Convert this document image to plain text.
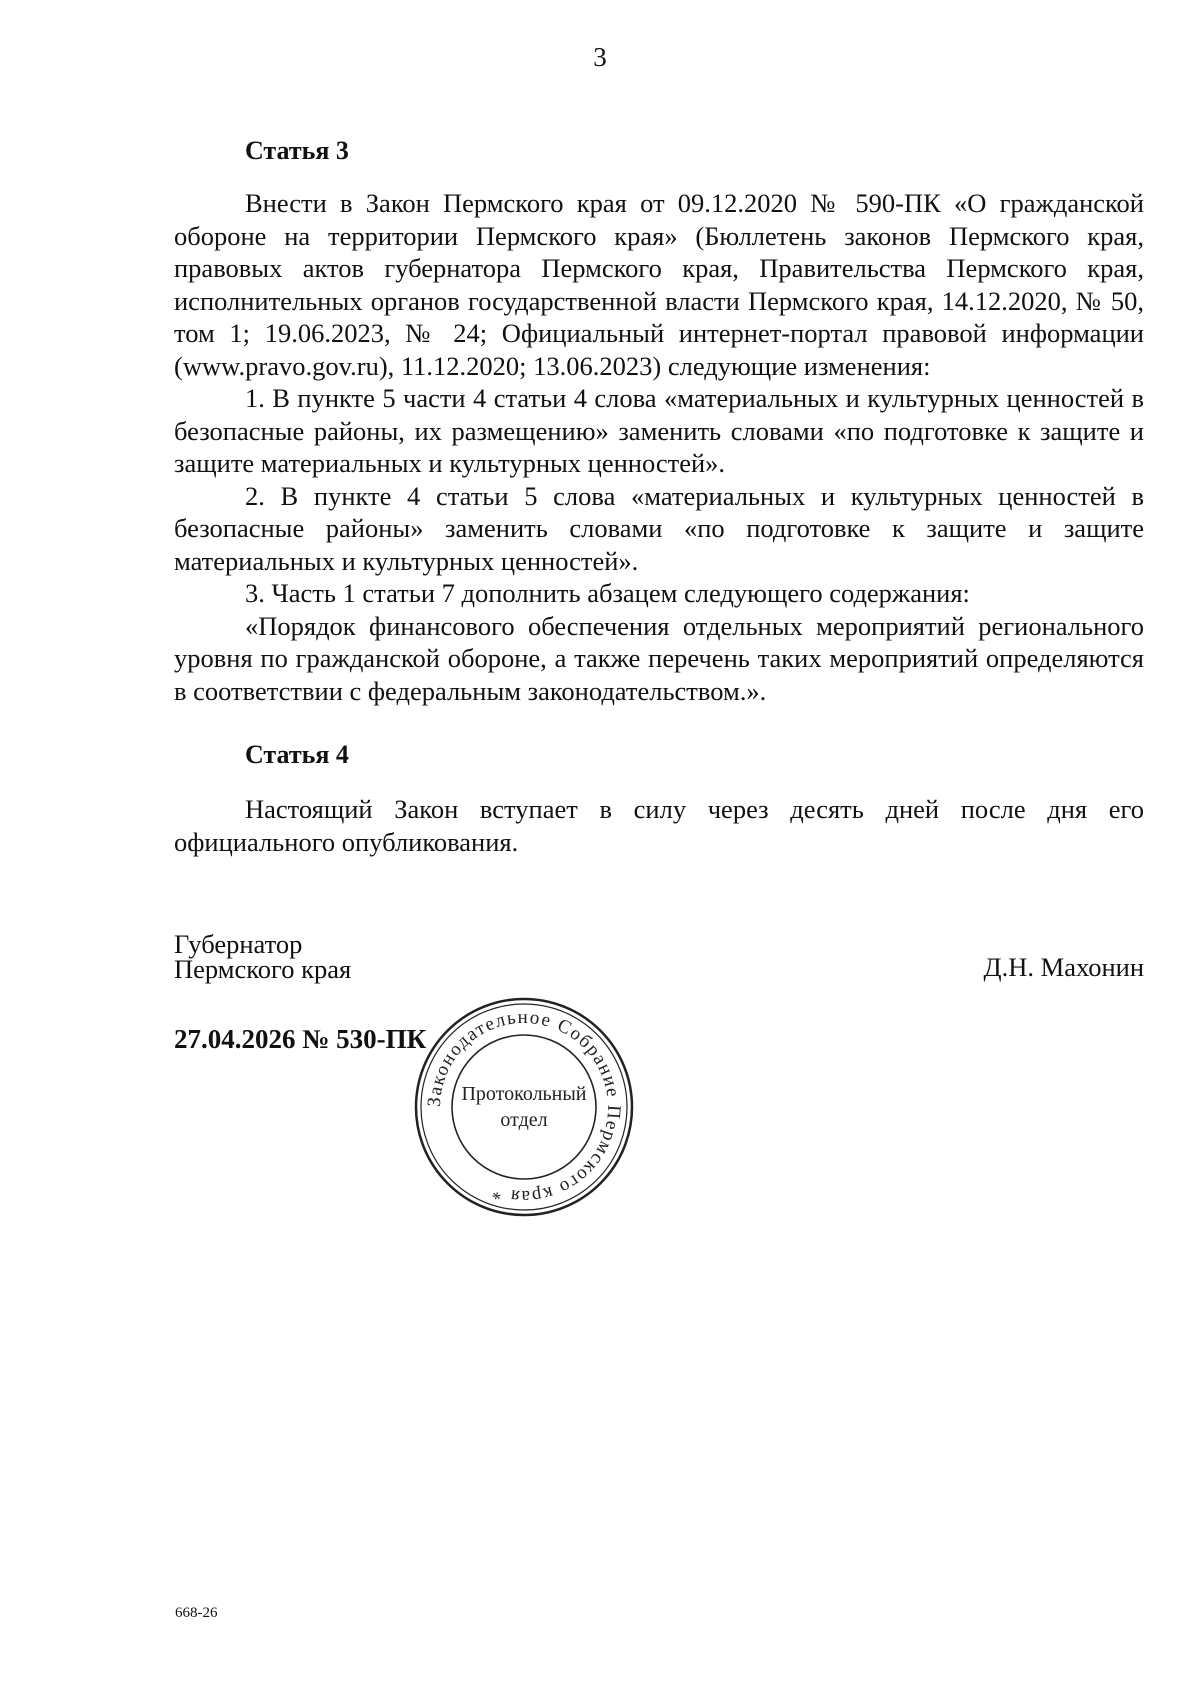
3
Статья 3

Внести в Закон Пермского края от 09.12.2020 № 590-ПК «О гражданской обороне на территории Пермского края» (Бюллетень законов Пермского края, правовых актов губернатора Пермского края, Правительства Пермского края, исполнительных органов государственной власти Пермского края, 14.12.2020, № 50, том 1; 19.06.2023, № 24; Официальный интернет-портал правовой информации (www.pravo.gov.ru), 11.12.2020; 13.06.2023) следующие изменения:

1. В пункте 5 части 4 статьи 4 слова «материальных и культурных ценностей в безопасные районы, их размещению» заменить словами «по подготовке к защите и защите материальных и культурных ценностей».

2. В пункте 4 статьи 5 слова «материальных и культурных ценностей в безопасные районы» заменить словами «по подготовке к защите и защите материальных и культурных ценностей».

3. Часть 1 статьи 7 дополнить абзацем следующего содержания:

«Порядок финансового обеспечения отдельных мероприятий регионального уровня по гражданской обороне, а также перечень таких мероприятий определяются в соответствии с федеральным законодательством.».

Статья 4

Настоящий Закон вступает в силу через десять дней после дня его официального опубликования.

Губернатор
Пермского края	Д.Н. Махонин
27.04.2026 № 530-ПК
Законодательное Собрание Пермского края *
Протокольный
отдел
668-26
